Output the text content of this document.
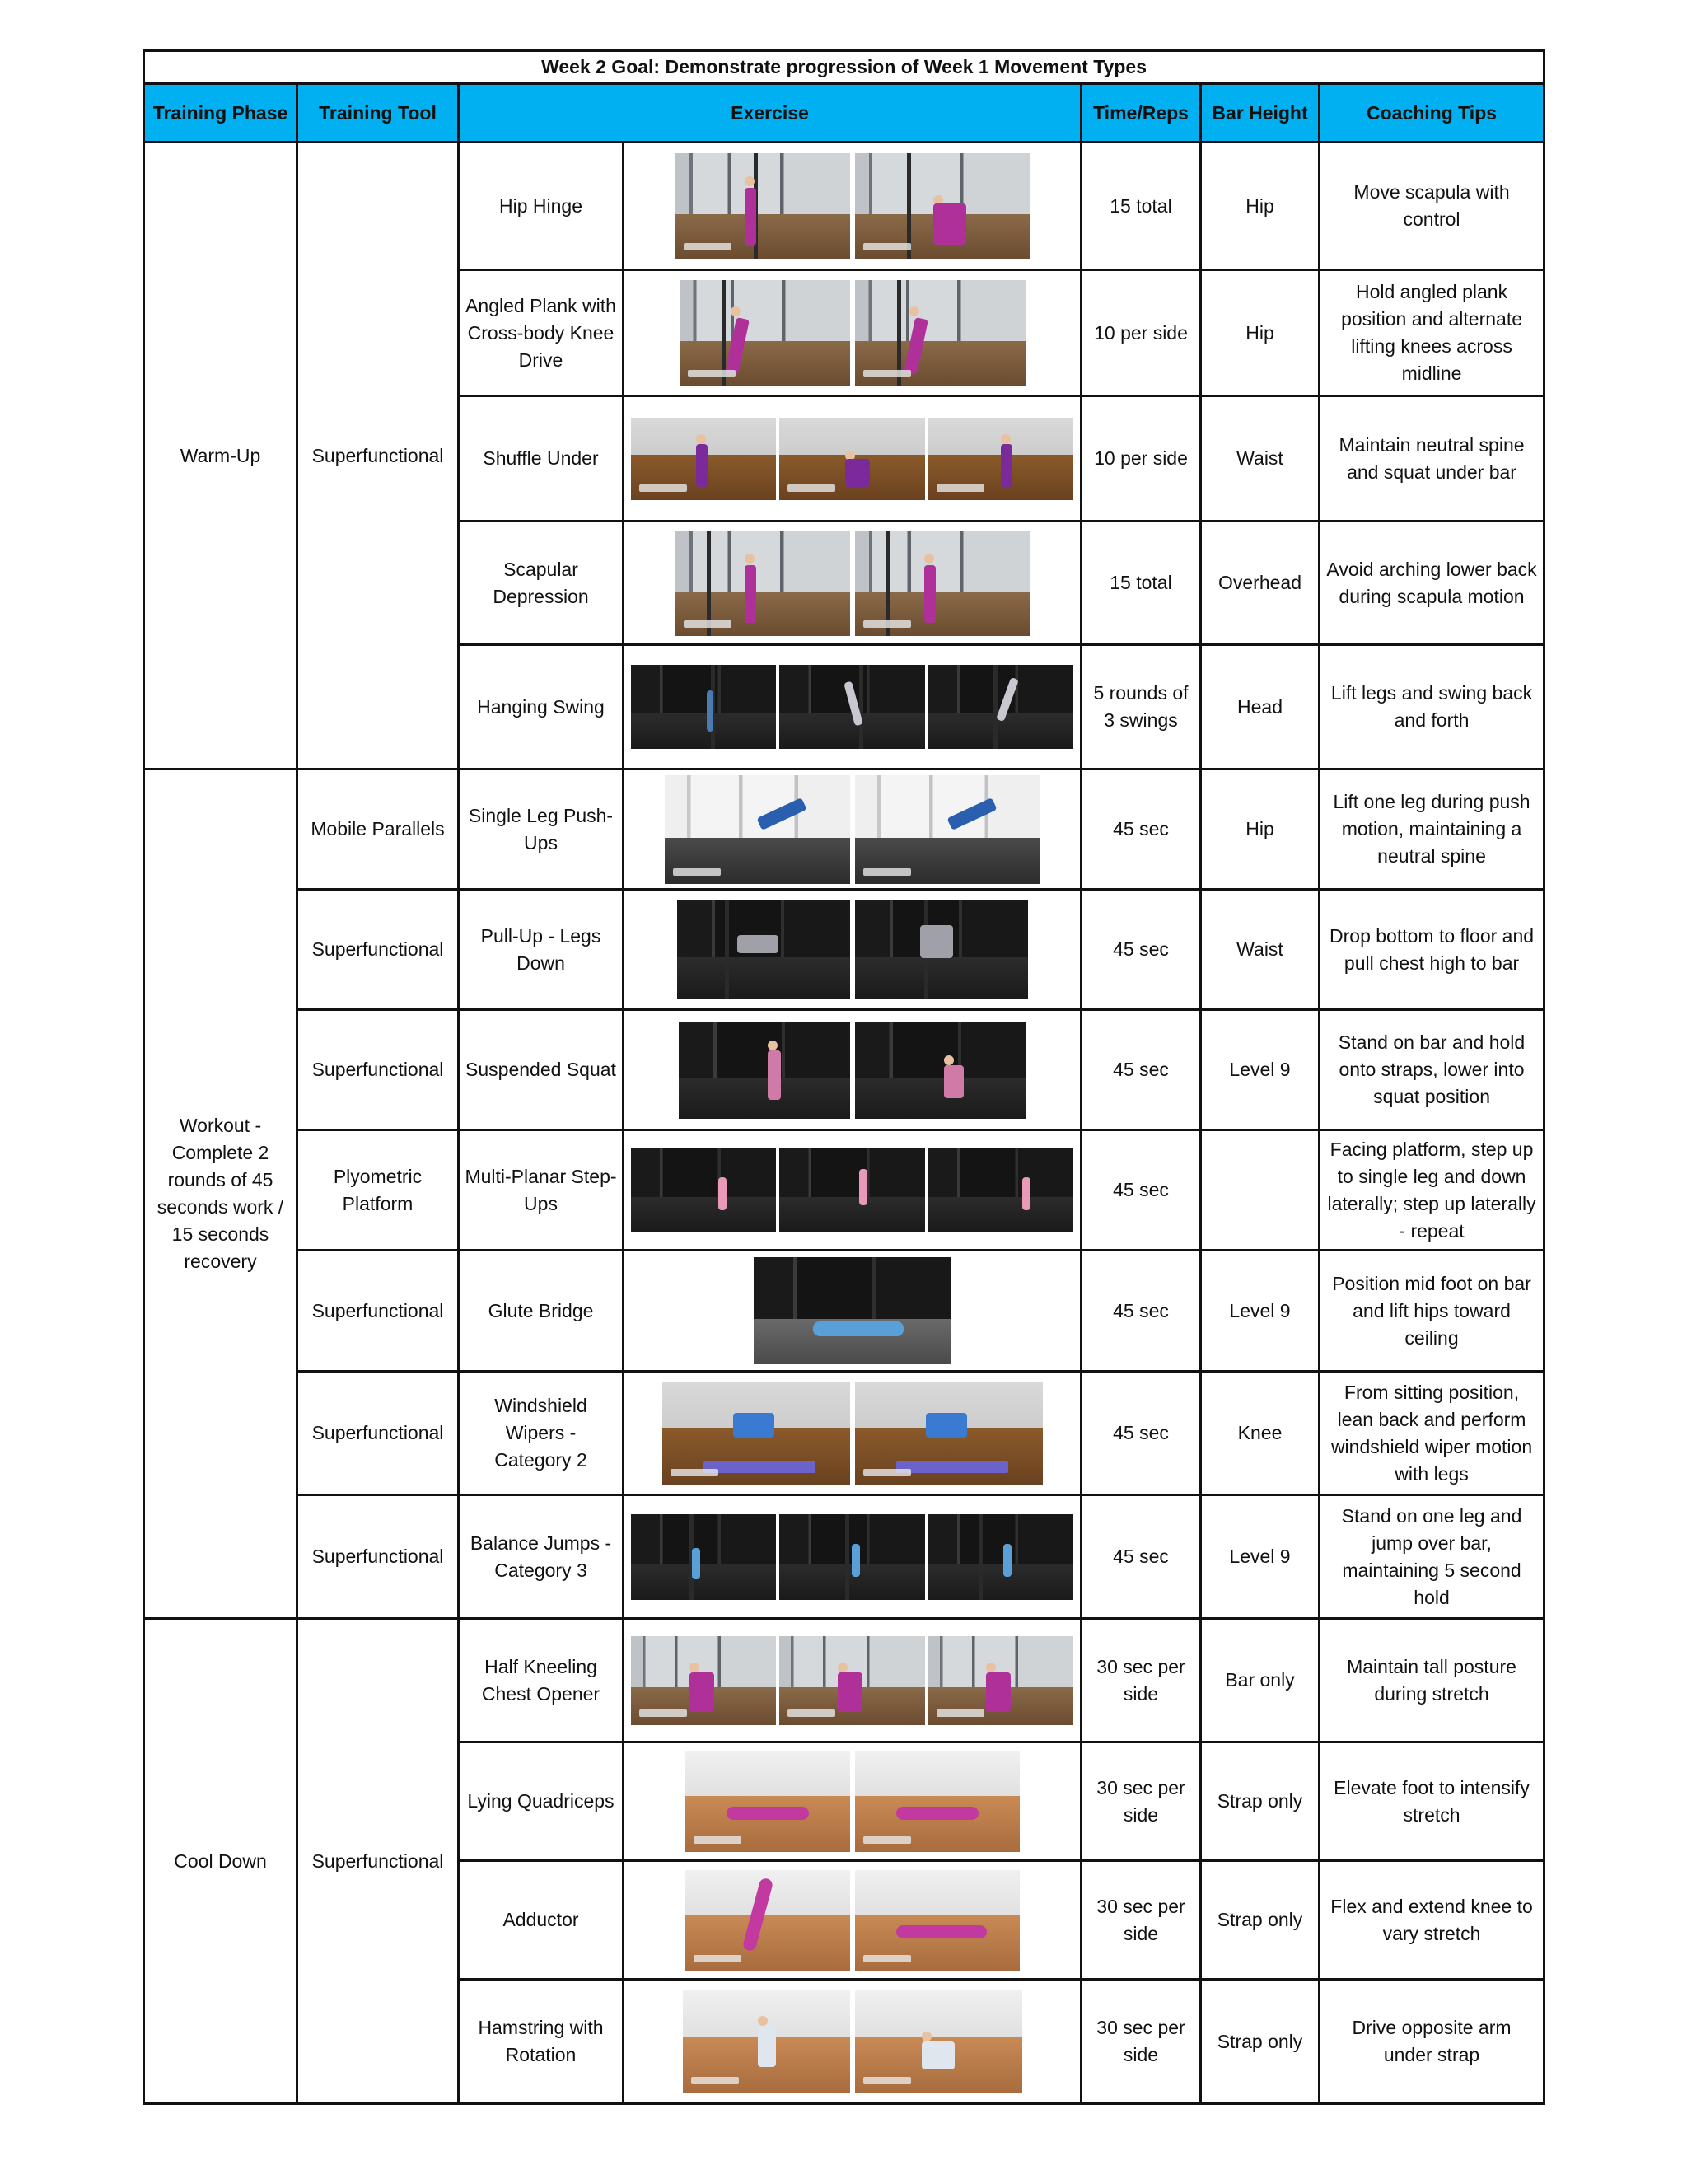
Week 2 Goal: Demonstrate progression of Week 1 Movement Types						
Training Phase	Training Tool	Exercise		Time/Reps	Bar Height	Coaching Tips
Warm-Up	Superfunctional	Hip Hinge		15 total	Hip	Move scapula with control
		Angled Plank with Cross-body Knee Drive		10 per side	Hip	Hold angled plank position and alternate lifting knees across midline
		Shuffle Under		10 per side	Waist	Maintain neutral spine and squat under bar
		Scapular Depression		15 total	Overhead	Avoid arching lower back during scapula motion
		Hanging Swing		5 rounds of 3 swings	Head	Lift legs and swing back and forth
Workout - Complete 2 rounds of 45 seconds work / 15 seconds recovery	Mobile Parallels	Single Leg Push-Ups		45 sec	Hip	Lift one leg during push motion, maintaining a neutral spine
	Superfunctional	Pull-Up - Legs Down		45 sec	Waist	Drop bottom to floor and pull chest high to bar
	Superfunctional	Suspended Squat		45 sec	Level 9	Stand on bar and hold onto straps, lower into squat position
	Plyometric Platform	Multi-Planar Step-Ups		45 sec		Facing platform, step up to single leg and down laterally; step up laterally - repeat
	Superfunctional	Glute Bridge		45 sec	Level 9	Position mid foot on bar and lift hips toward ceiling
	Superfunctional	Windshield Wipers - Category 2		45 sec	Knee	From sitting position, lean back and perform windshield wiper motion with legs
	Superfunctional	Balance Jumps - Category 3		45 sec	Level 9	Stand on one leg and jump over bar, maintaining 5 second hold
Cool Down	Superfunctional	Half Kneeling Chest Opener		30 sec per side	Bar only	Maintain tall posture during stretch
		Lying Quadriceps		30 sec per side	Strap only	Elevate foot to intensify stretch
		Adductor		30 sec per side	Strap only	Flex and extend knee to vary stretch
		Hamstring with Rotation		30 sec per side	Strap only	Drive opposite arm under strap
